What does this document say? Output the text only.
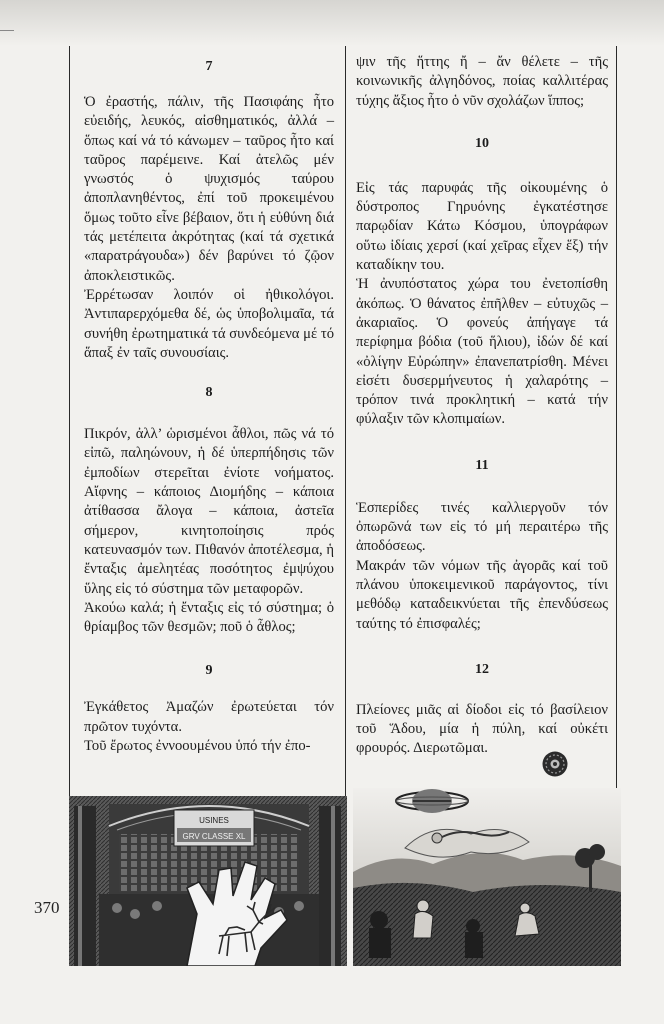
7

Ὁ ἐραστής, πάλιν, τῆς Πασιφάης ἦτο εὐειδής, λευκός, αἰσθηματικός, ἀλλά – ὅπως καί νά τό κάνωμεν – ταῦρος ἦτο καί ταῦρος παρέμεινε. Καί ἀτελῶς μέν γνωστός ὁ ψυχισμός ταύρου ἀποπλανηθέντος, ἐπί τοῦ προκειμένου ὅμως τοῦτο εἶνε βέβαιον, ὅτι ἡ εὐθύνη διά τάς μετέπειτα ἀκρότητας (καί τά σχετικά «παρατράγουδα») δέν βαρύνει τό ζῷον ἀποκλειστικῶς.

Ἐρρέτωσαν λοιπόν οἱ ἠθικολόγοι. Ἀντιπαρερχόμεθα δέ, ὡς ὑποβολιμαῖα, τά συνήθη ἐρωτηματικά τά συνδεόμενα μέ τό ἅπαξ ἐν ταῖς συνουσίαις.

8

Πικρόν, ἀλλ’ ὡρισμένοι ἆθλοι, πῶς νά τό εἰπῶ, παληώνουν, ἡ δέ ὑπερπήδησις τῶν ἐμποδίων στερεῖται ἐνίοτε νοήματος. Αἴφνης – κάποιος Διομήδης – κάποια ἀτίθασσα ἄλογα – κάποια, ἀστεῖα σήμερον, κινητοποίησις πρός κατευνασμόν των. Πιθανόν ἀποτέλεσμα, ἡ ἔνταξις ἀμελητέας ποσότητος ἐμψύχου ὕλης εἰς τό σύστημα τῶν μεταφορῶν.

Ἀκούω καλά; ἡ ἔνταξις εἰς τό σύστημα; ὁ θρίαμβος τῶν θεσμῶν; ποῦ ὁ ἆθλος;

9

Ἐγκάθετος Ἀμαζών ἐρωτεύεται τόν πρῶτον τυχόντα.

Τοῦ ἔρωτος ἐννοουμένου ὑπό τήν ἐπο-

ψιν τῆς ἥττης ἤ – ἄν θέλετε – τῆς κοινωνικῆς ἀλγηδόνος, ποίας καλλιτέρας τύχης ἄξιος ἦτο ὁ νῦν σχολάζων ἵππος;

10

Εἰς τάς παρυφάς τῆς οἰκουμένης ὁ δύστροπος Γηρυόνης ἐγκατέστησε παρῳδίαν Κάτω Κόσμου, ὑπογράφων οὕτω ἰδίαις χερσί (καί χεῖρας εἶχεν ἕξ) τήν καταδίκην του.

Ἡ ἀνυπόστατος χώρα του ἐνετοπίσθη ἀκόπως. Ὁ θάνατος ἐπῆλθεν – εὐτυχῶς – ἀκαριαῖος. Ὁ φονεύς ἀπήγαγε τά περίφημα βόδια (τοῦ ἥλιου), ἰδών δέ καί «ὀλίγην Εὐρώπην» ἐπανεπατρίσθη. Μένει εἰσέτι δυσερμήνευτος ἡ χαλαρότης – τρόπον τινά προκλητική – κατά τήν φύλαξιν τῶν κλοπιμαίων.

11

Ἑσπερίδες τινές καλλιεργοῦν τόν ὀπωρῶνά των εἰς τό μή περαιτέρω τῆς ἀποδόσεως.

Μακράν τῶν νόμων τῆς ἀγορᾶς καί τοῦ πλάνου ὑποκειμενικοῦ παράγοντος, τίνι μεθόδῳ καταδεικνύεται τῆς ἐπενδύσεως ταύτης τό ἐπισφαλές;

12

Πλείονες μιᾶς αἱ δίοδοι εἰς τό βασίλειον τοῦ Ἅδου, μία ἡ πύλη, καί οὐκέτι φρουρός. Διερωτῶμαι.

370
USINES
GRV CLASSE XL
